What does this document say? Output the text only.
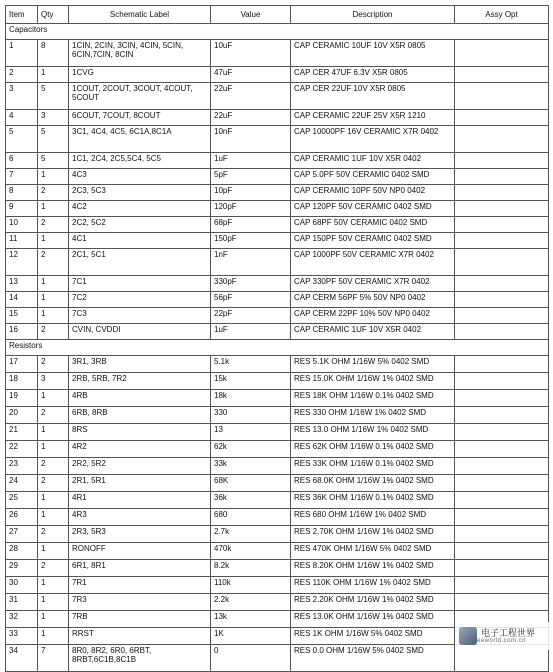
Item	Qty	Schematic Label	Value	Description	Assy Opt
Capacitors					
1	8	1CIN, 2CIN, 3CIN, 4CIN, 5CIN, 6CIN,7CIN, 8CIN	10uF	CAP CERAMIC 10UF 10V X5R 0805	
2	1	1CVG	47uF	CAP CER 47UF 6.3V X5R 0805	
3	5	1COUT, 2COUT, 3COUT, 4COUT, 5COUT	22uF	CAP CER 22UF 10V X5R 0805	
4	3	6COUT, 7COUT, 8COUT	22uF	CAP CERAMIC 22UF 25V X5R 1210	
5	5	3C1, 4C4, 4C5, 6C1A,8C1A	10nF	CAP 10000PF 16V CERAMIC X7R 0402	
6	5	1C1, 2C4, 2C5,5C4, 5C5	1uF	CAP CERAMIC 1UF 10V X5R 0402	
7	1	4C3	5pF	CAP 5.0PF 50V CERAMIC 0402 SMD	
8	2	2C3, 5C3	10pF	CAP CERAMIC 10PF 50V NP0 0402	
9	1	4C2	120pF	CAP 120PF 50V CERAMIC 0402 SMD	
10	2	2C2, 5C2	68pF	CAP 68PF 50V CERAMIC 0402 SMD	
11	1	4C1	150pF	CAP 150PF 50V CERAMIC 0402 SMD	
12	2	2C1, 5C1	1nF	CAP 1000PF 50V CERAMIC X7R 0402	
13	1	7C1	330pF	CAP 330PF 50V CERAMIC X7R 0402	
14	1	7C2	56pF	CAP CERM 56PF 5% 50V NP0 0402	
15	1	7C3	22pF	CAP CERM 22PF 10% 50V NP0 0402	
16	2	CVIN, CVDDI	1uF	CAP CERAMIC 1UF 10V X5R 0402	
Resistors					
17	2	3R1, 3RB	5.1k	RES 5.1K OHM 1/16W 5% 0402 SMD	
18	3	2RB, 5RB, 7R2	15k	RES 15.0K OHM 1/16W 1% 0402 SMD	
19	1	4RB	18k	RES 18K OHM 1/16W 0.1% 0402 SMD	
20	2	6RB, 8RB	330	RES 330 OHM 1/16W 1% 0402 SMD	
21	1	8RS	13	RES 13.0 OHM 1/16W 1% 0402 SMD	
22	1	4R2	62k	RES 62K OHM 1/16W 0.1% 0402 SMD	
23	2	2R2, 5R2	33k	RES 33K OHM 1/16W 0.1% 0402 SMD	
24	2	2R1, 5R1	68K	RES 68.0K OHM 1/16W 1% 0402 SMD	
25	1	4R1	36k	RES 36K OHM 1/16W 0.1% 0402 SMD	
26	1	4R3	680	RES 680 OHM 1/16W 1% 0402 SMD	
27	2	2R3, 5R3	2.7k	RES 2.70K OHM 1/16W 1% 0402 SMD	
28	1	RONOFF	470k	RES 470K OHM 1/16W 5% 0402 SMD	
29	2	6R1, 8R1	8.2k	RES 8.20K OHM 1/16W 1% 0402 SMD	
30	1	7R1	110k	RES 110K OHM 1/16W 1% 0402 SMD	
31	1	7R3	2.2k	RES 2.20K OHM 1/16W 1% 0402 SMD	
32	1	7RB	13k	RES 13.0K OHM 1/16W 1% 0402 SMD	
33	1	RRST	1K	RES 1K OHM 1/16W 5% 0402 SMD	
34	7	8R0, 8R2, 6R0, 6RBT, 8RBT,6C1B,8C1B	0	RES 0.0 OHM 1/16W 5% 0402 SMD	
电子工程世界
eeworld.com.cn
